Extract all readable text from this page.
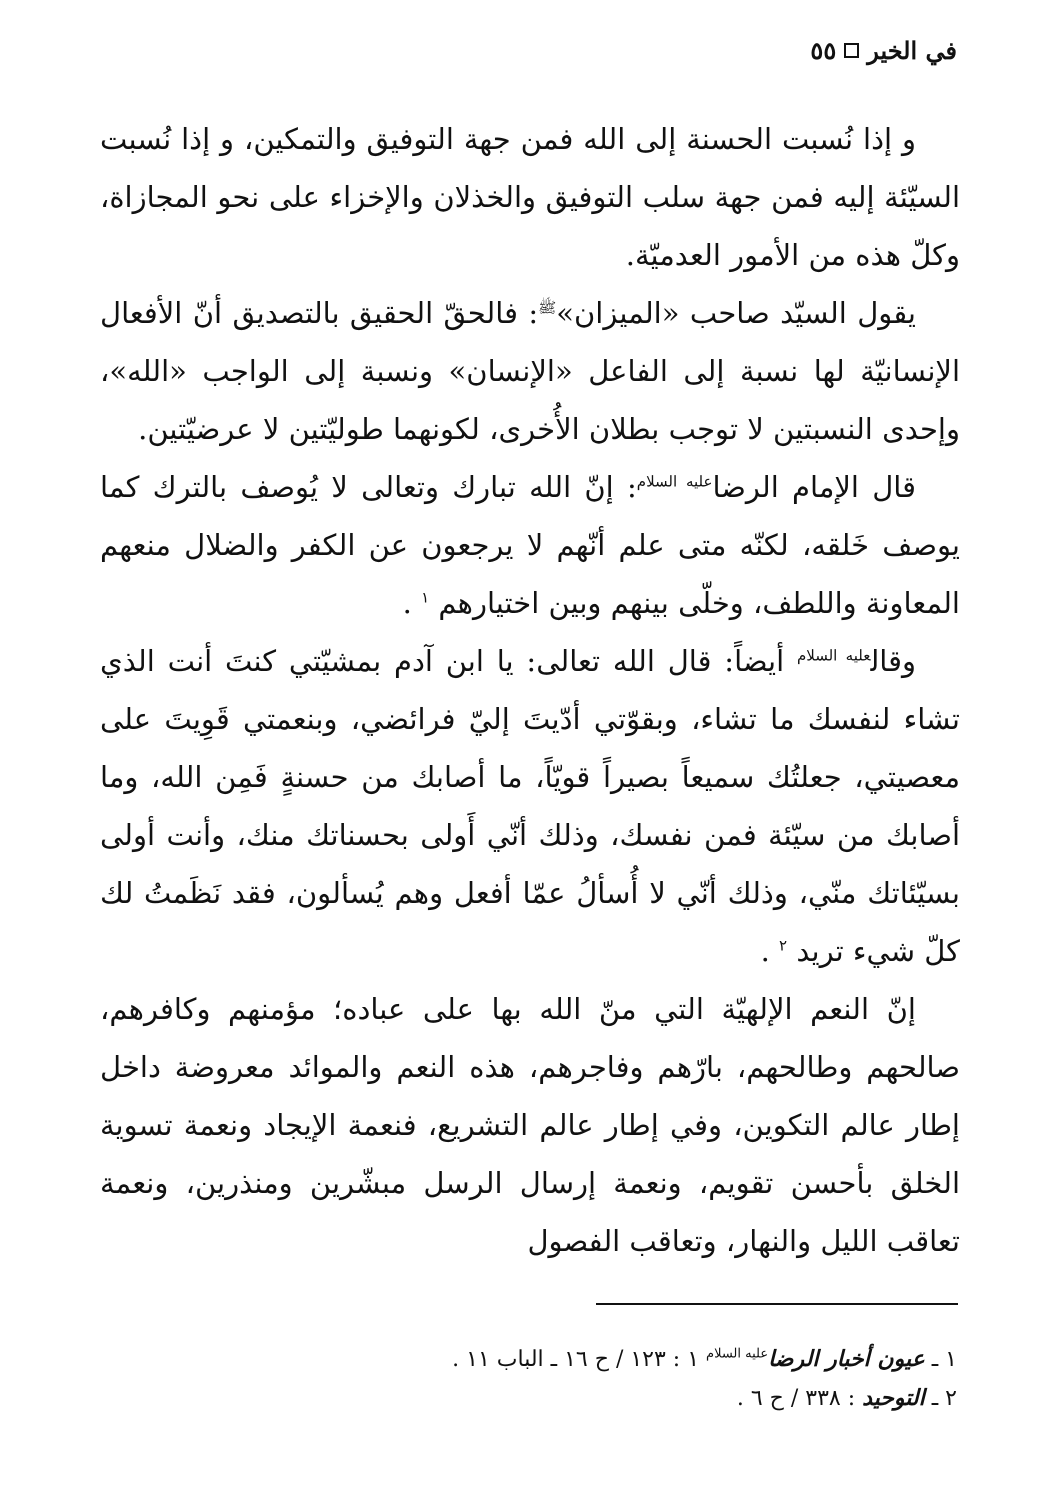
في الخير
٥٥

و إذا نُسبت الحسنة إلى الله فمن جهة التوفيق والتمكين، و إذا نُسبت السيّئة إليه فمن جهة سلب التوفيق والخذلان والإخزاء على نحو المجازاة، وكلّ هذه من الأمور العدميّة.

يقول السيّد صاحب «الميزان»$^ﷺ$: فالحقّ الحقيق بالتصديق أنّ الأفعال الإنسانيّة لها نسبة إلى الفاعل «الإنسان» ونسبة إلى الواجب «الله»، وإحدى النسبتين لا توجب بطلان الأُخرى، لكونهما طوليّتين لا عرضيّتين.

قال الإمام الرضا$^{عليه السلام}$: إنّ الله تبارك وتعالى لا يُوصف بالترك كما يوصف خَلقه، لكنّه متى علم أنّهم لا يرجعون عن الكفر والضلال منعهم المعاونة واللطف، وخلّى بينهم وبين اختيارهم $^١$ .

وقال$^{عليه السلام}$ أيضاً: قال الله تعالى: يا ابن آدم بمشيّتي كنتَ أنت الذي تشاء لنفسك ما تشاء، وبقوّتي أدّيتَ إليّ فرائضي، وبنعمتي قَوِيتَ على معصيتي، جعلتُك سميعاً بصيراً قويّاً، ما أصابك من حسنةٍ فَمِن الله، وما أصابك من سيّئة فمن نفسك، وذلك أنّي أَولى بحسناتك منك، وأنت أولى بسيّئاتك منّي، وذلك أنّي لا أُسألُ عمّا أفعل وهم يُسألون، فقد نَظَمتُ لك كلّ شيء تريد $^٢$ .

إنّ النعم الإلهيّة التي منّ الله بها على عباده؛ مؤمنهم وكافرهم، صالحهم وطالحهم، بارّهم وفاجرهم، هذه النعم والموائد معروضة داخل إطار عالم التكوين، وفي إطار عالم التشريع، فنعمة الإيجاد ونعمة تسوية الخلق بأحسن تقويم، ونعمة إرسال الرسل مبشّرين ومنذرين، ونعمة تعاقب الليل والنهار، وتعاقب الفصول

١ ـ عيون أخبار الرضا$^{عليه السلام}$ ١ : ١٢٣ / ح ١٦ ـ الباب ١١ .

٢ ـ التوحيد : ٣٣٨ / ح ٦ .
